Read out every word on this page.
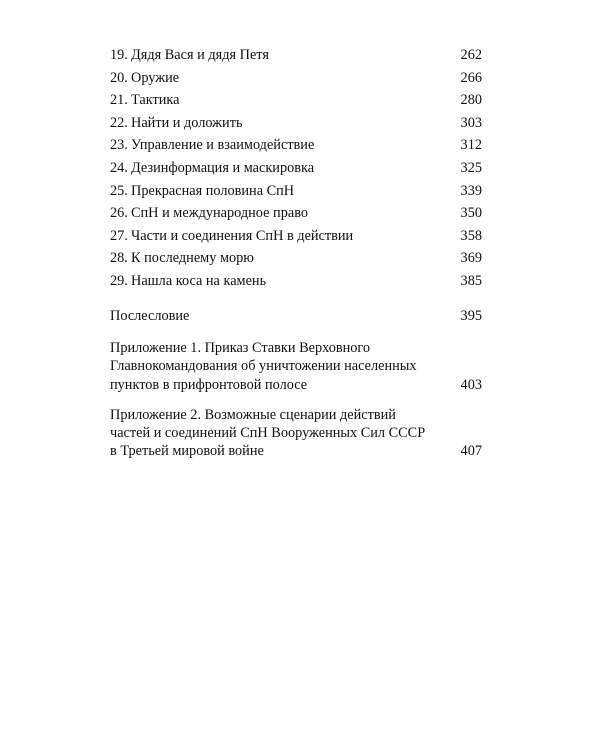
19. Дядя Вася и дядя Петя	262
20. Оружие	266
21. Тактика	280
22. Найти и доложить	303
23. Управление и взаимодействие	312
24. Дезинформация и маскировка	325
25. Прекрасная половина СпН	339
26. СпН и международное право	350
27. Части и соединения СпН в действии	358
28. К последнему морю	369
29. Нашла коса на камень	385
Послесловие	395
Приложение 1. Приказ Ставки Верховного
Главнокомандования об уничтожении населенных
пунктов в прифронтовой полосе	403
Приложение 2. Возможные сценарии действий
частей и соединений СпН Вооруженных Сил СССР
в Третьей мировой войне	407
